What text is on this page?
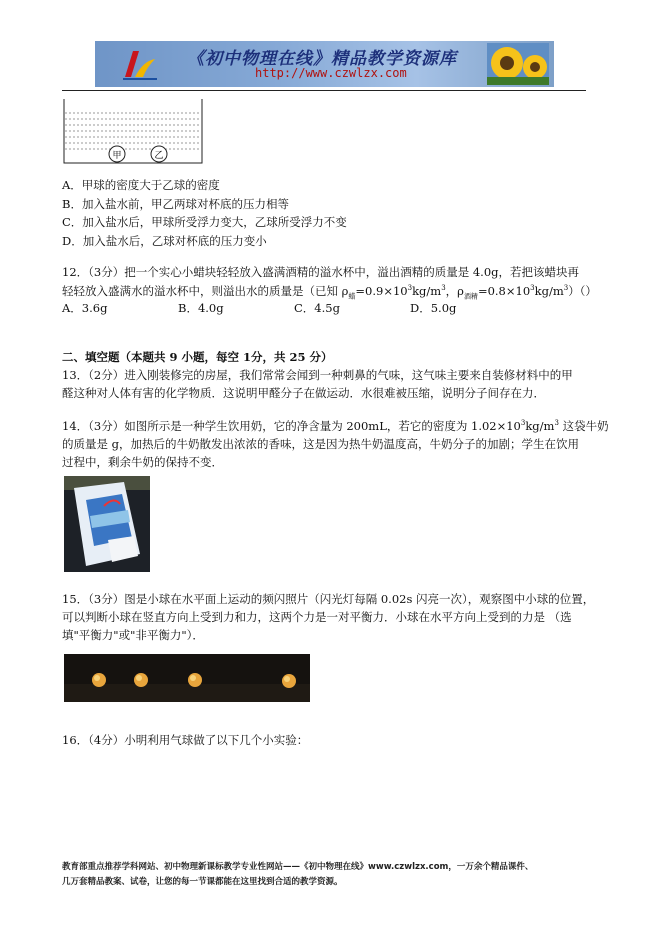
《初中物理在线》精品教学资源库
http://www.czwlzx.com
甲	乙
A．甲球的密度大于乙球的密度
B．加入盐水前，甲乙两球对杯底的压力相等
C．加入盐水后，甲球所受浮力变大，乙球所受浮力不变
D．加入盐水后，乙球对杯底的压力变小
12．（3分）把一个实心小蜡块轻轻放入盛满酒精的溢水杯中，溢出酒精的质量是 4.0g，若把该蜡块再
轻轻放入盛满水的溢水杯中，则溢出水的质量是（已知 $\rho_蜡=0.9\times 10^3kg/m^3$，$\rho_{酒精}=0.8\times 10^3kg/m^3)()$
A．3.6g	B．4.0g	C．4.5g	D．5.0g
二、填空题（本题共 9 小题，每空 1分，共 25 分）
13．（2分）进入刚装修完的房屋，我们常常会闻到一种刺鼻的气味，这气味主要来自装修材料中的甲
醛这种对人体有害的化学物质．这说明甲醛分子在做运动．水很难被压缩，说明分子间存在力．
14．（3分）如图所示是一种学生饮用奶，它的净含量为 200mL，若它的密度为 $1.02\times 10^3kg/m^3$ 这袋牛奶
的质量是 g，加热后的牛奶散发出浓浓的香味，这是因为热牛奶温度高，牛奶分子的加剧；学生在饮用
过程中，剩余牛奶的保持不变．
15．（3分）图是小球在水平面上运动的频闪照片（闪光灯每隔 0.02s 闪亮一次），观察图中小球的位置，
可以判断小球在竖直方向上受到力和力，这两个力是一对平衡力．小球在水平方向上受到的力是 （选
填"平衡力"或"非平衡力"）．
16．（4分）小明利用气球做了以下几个小实验：
教育部重点推荐学科网站、初中物理新课标教学专业性网站——《初中物理在线》www.czwlzx.com，一万余个精品课件、
几万套精品教案、试卷，让您的每一节课都能在这里找到合适的教学资源。
